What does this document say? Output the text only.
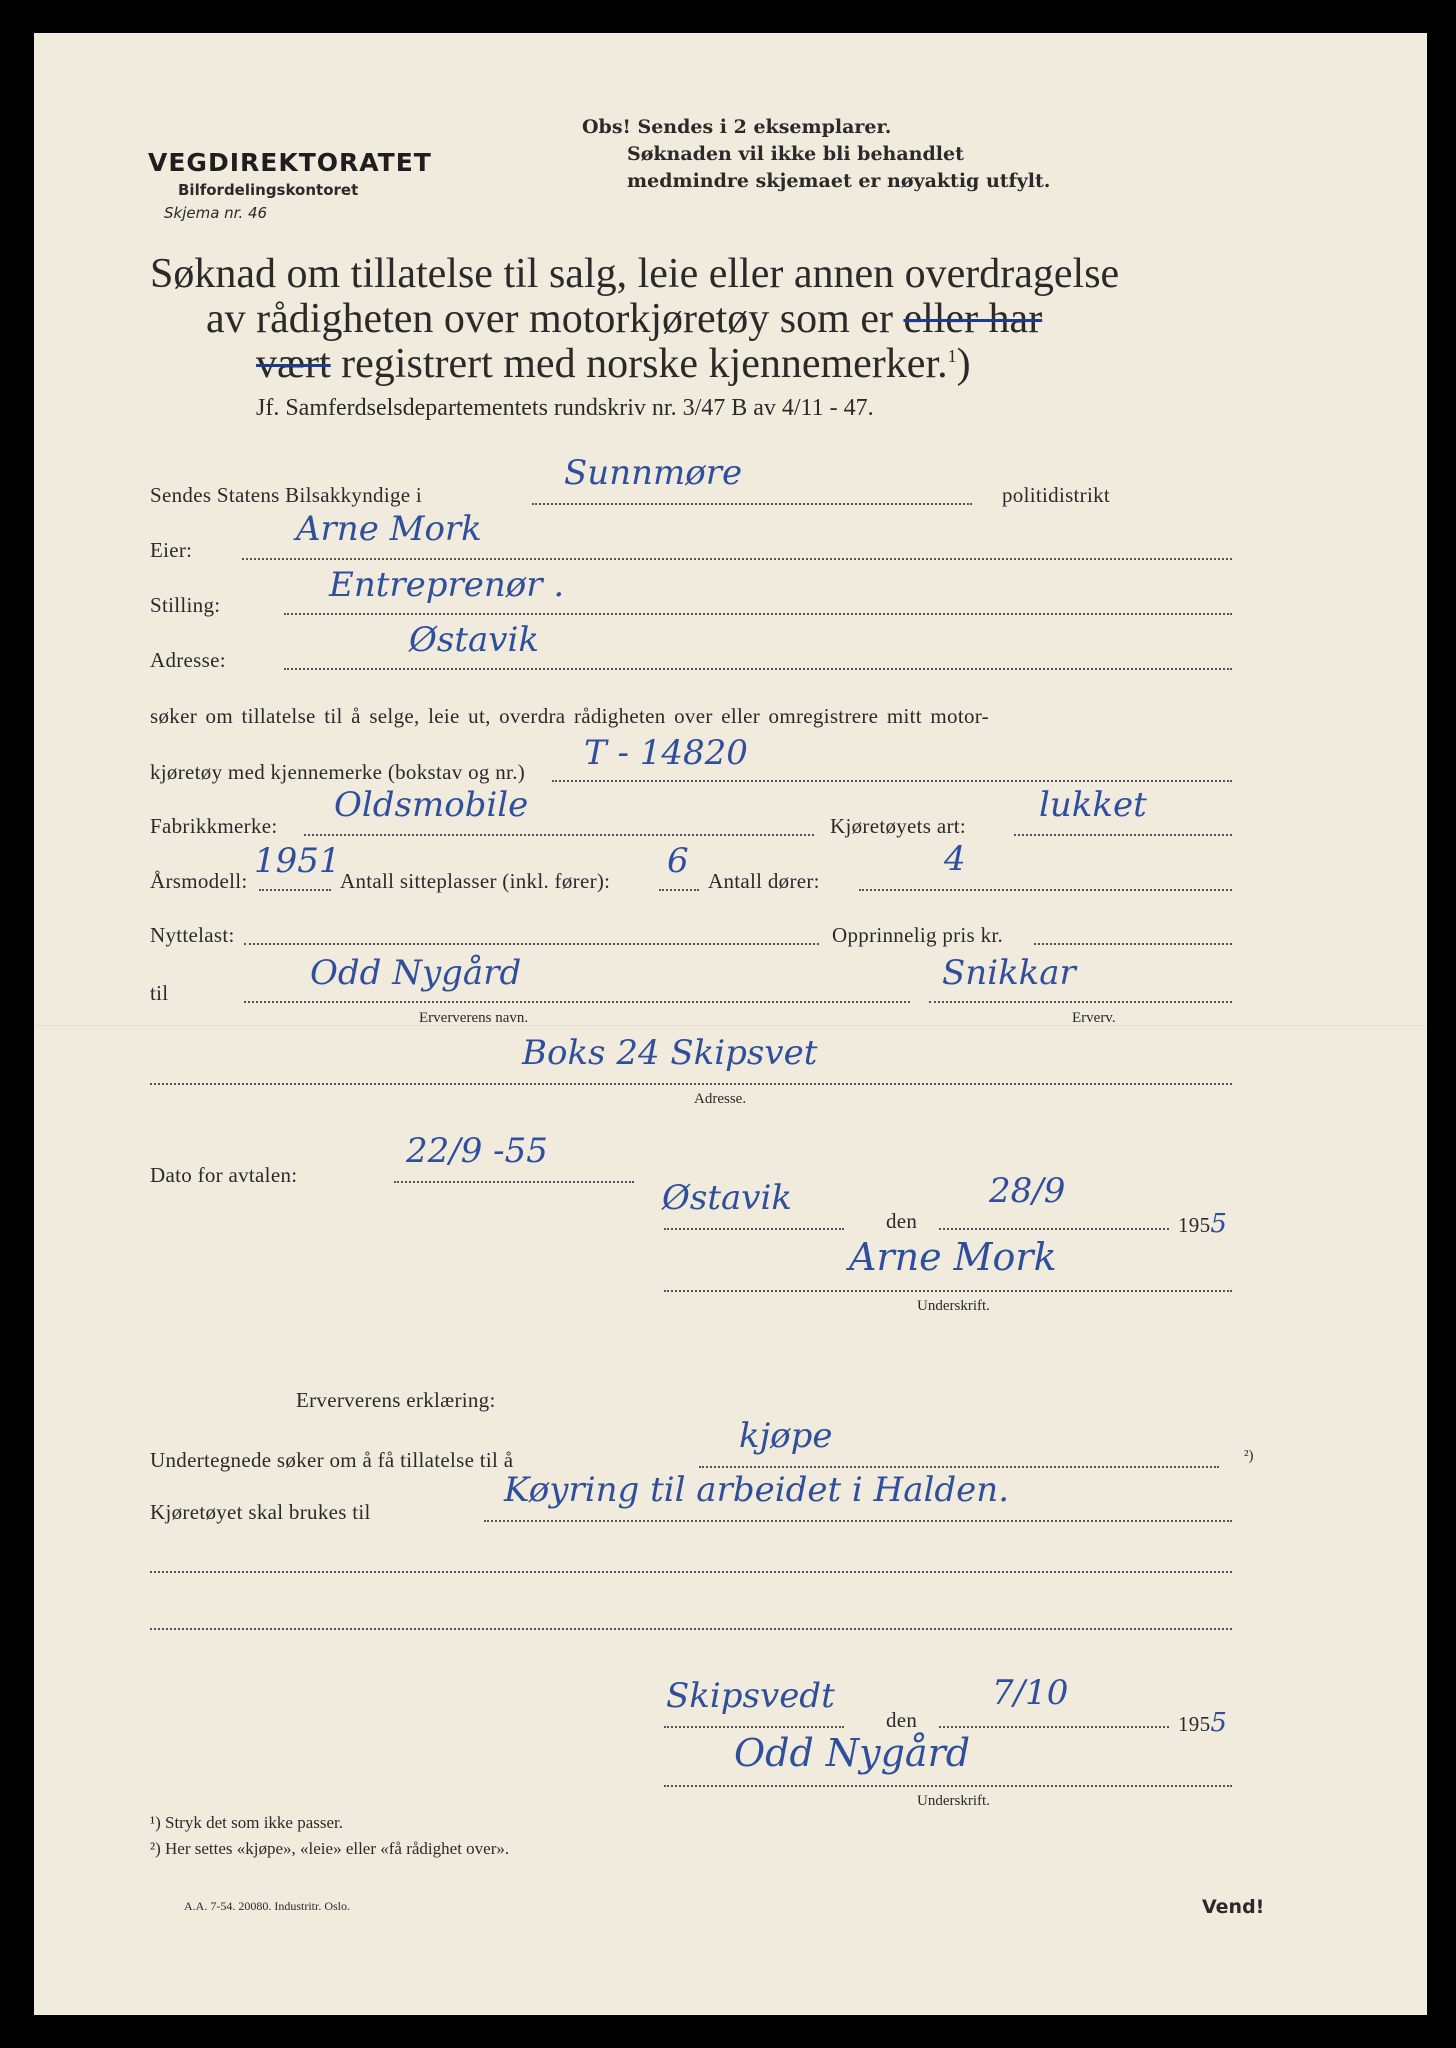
VEGDIREKTORATET
Bilfordelingskontoret
Skjema nr. 46
Obs! Sendes i 2 eksemplarer.
Søknaden vil ikke bli behandlet
medmindre skjemaet er nøyaktig utfylt.
Søknad om tillatelse til salg, leie eller annen overdragelse
av rådigheten over motorkjøretøy som er eller har
vært registrert med norske kjennemerker.$^1$)
Jf. Samferdselsdepartementets rundskriv nr. 3/47 B av 4/11 - 47.
Sendes Statens Bilsakkyndige i
Sunnmøre
politidistrikt
Eier:
Arne Mork
Stilling:	Entreprenør .
Adresse:	Østavik
søker om tillatelse til å selge, leie ut, overdra rådigheten over eller omregistrere mitt motor-
kjøretøy med kjennemerke (bokstav og nr.) T - 14820
Fabrikkmerke:
Oldsmobile
Kjøretøyets art:
lukket
Årsmodell: 1951 Antall sitteplasser (inkl. fører): 6 Antall dører:
4
Nyttelast:	Opprinnelig pris kr.
til	Odd Nygård	Snikkar
Erververens navn.	Erverv.
Boks 24 Skipsvet
Adresse.
Dato for avtalen:
22/9 -55
Østavik
den
28/9
1955
Arne Mork
Underskrift.
Erververens erklæring:
Undertegnede søker om å få tillatelse til å
kjøpe	²)
Kjøretøyet skal brukes til
Køyring til arbeidet i Halden.
Skipsvedt
den
7/10
1955
Odd Nygård
Underskrift.
¹) Stryk det som ikke passer.
²) Her settes «kjøpe», «leie» eller «få rådighet over».
A.A. 7-54. 20080. Industritr. Oslo.	Vend!
